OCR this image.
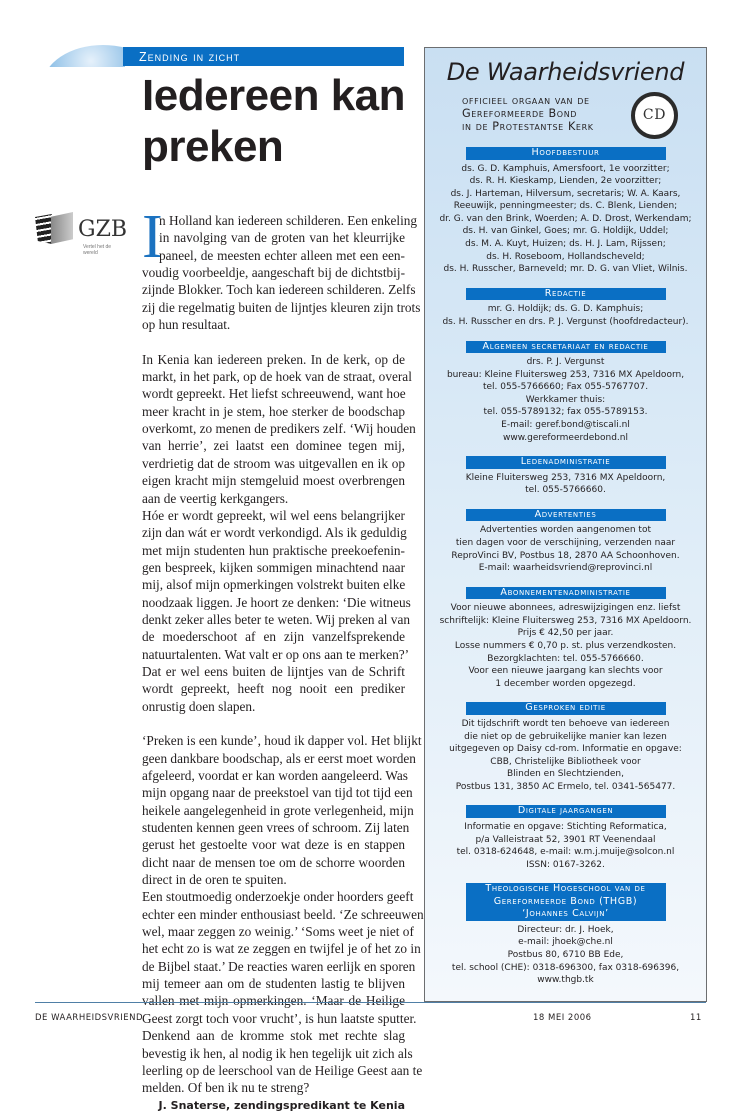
Zending in zicht
Iedereen kan
preken
GZB
Vertel het de wereld I
n Holland kan iedereen schilderen. Een enkeling
in navolging van de groten van het kleurrijke
paneel, de meesten echter alleen met een een-
voudig voorbeeldje, aangeschaft bij de dichtstbij-
zijnde Blokker. Toch kan iedereen schilderen. Zelfs
zij die regelmatig buiten de lijntjes kleuren zijn trots
op hun resultaat.
In Kenia kan iedereen preken. In de kerk, op de
markt, in het park, op de hoek van de straat, overal
wordt gepreekt. Het liefst schreeuwend, want hoe
meer kracht in je stem, hoe sterker de boodschap
overkomt, zo menen de predikers zelf. ‘Wij houden
van herrie’, zei laatst een dominee tegen mij,
verdrietig dat de stroom was uitgevallen en ik op
eigen kracht mijn stemgeluid moest overbrengen
aan de veertig kerkgangers.
Hóe er wordt gepreekt, wil wel eens belangrijker
zijn dan wát er wordt verkondigd. Als ik geduldig
met mijn studenten hun praktische preekoefenin-
gen bespreek, kijken sommigen minachtend naar
mij, alsof mijn opmerkingen volstrekt buiten elke
noodzaak liggen. Je hoort ze denken: ‘Die witneus
denkt zeker alles beter te weten. Wij preken al van
de moederschoot af en zijn vanzelfsprekende
natuurtalenten. Wat valt er op ons aan te merken?’
Dat er wel eens buiten de lijntjes van de Schrift
wordt gepreekt, heeft nog nooit een prediker
onrustig doen slapen.
‘Preken is een kunde’, houd ik dapper vol. Het blijkt
geen dankbare boodschap, als er eerst moet worden
afgeleerd, voordat er kan worden aangeleerd. Was
mijn opgang naar de preekstoel van tijd tot tijd een
heikele aangelegenheid in grote verlegenheid, mijn
studenten kennen geen vrees of schroom. Zij laten
gerust het gestoelte voor wat deze is en stappen
dicht naar de mensen toe om de schorre woorden
direct in de oren te spuiten.
Een stoutmoedig onderzoekje onder hoorders geeft
echter een minder enthousiast beeld. ‘Ze schreeuwen
wel, maar zeggen zo weinig.’ ‘Soms weet je niet of
het echt zo is wat ze zeggen en twijfel je of het zo in
de Bijbel staat.’ De reacties waren eerlijk en sporen
mij temeer aan om de studenten lastig te blijven
vallen met mijn opmerkingen. ‘Maar de Heilige
Geest zorgt toch voor vrucht’, is hun laatste sputter.
Denkend aan de kromme stok met rechte slag
bevestig ik hen, al nodig ik hen tegelijk uit zich als
leerling op de leerschool van de Heilige Geest aan te
melden. Of ben ik nu te streng?
J. Snaterse, zendingspredikant te Kenia
De Waarheidsvriend
officieel orgaan van de
Gereformeerde Bond
in de Protestantse Kerk
CD
Hoofdbestuur
ds. G. D. Kamphuis, Amersfoort, 1e voorzitter;
ds. R. H. Kieskamp, Lienden, 2e voorzitter;
ds. J. Harteman, Hilversum, secretaris; W. A. Kaars,
Reeuwijk, penningmeester; ds. C. Blenk, Lienden;
dr. G. van den Brink, Woerden; A. D. Drost, Werkendam;
ds. H. van Ginkel, Goes; mr. G. Holdijk, Uddel;
ds. M. A. Kuyt, Huizen; ds. H. J. Lam, Rijssen;
ds. H. Roseboom, Hollandscheveld;
ds. H. Russcher, Barneveld; mr. D. G. van Vliet, Wilnis.
Redactie
mr. G. Holdijk; ds. G. D. Kamphuis;
ds. H. Russcher en drs. P. J. Vergunst (hoofdredacteur).
Algemeen secretariaat en redactie
drs. P. J. Vergunst
bureau: Kleine Fluitersweg 253, 7316 MX Apeldoorn,
tel. 055-5766660; Fax 055-5767707.
Werkkamer thuis:
tel. 055-5789132; fax 055-5789153.
E-mail: geref.bond@tiscali.nl
www.gereformeerdebond.nl
Ledenadministratie
Kleine Fluitersweg 253, 7316 MX Apeldoorn,
tel. 055-5766660.
Advertenties
Advertenties worden aangenomen tot
tien dagen voor de verschijning, verzenden naar
ReproVinci BV, Postbus 18, 2870 AA Schoonhoven.
E-mail: waarheidsvriend@reprovinci.nl
Abonnementenadministratie
Voor nieuwe abonnees, adreswijzigingen enz. liefst
schriftelijk: Kleine Fluitersweg 253, 7316 MX Apeldoorn.
Prijs € 42,50 per jaar.
Losse nummers € 0,70 p. st. plus verzendkosten.
Bezorgklachten: tel. 055-5766660.
Voor een nieuwe jaargang kan slechts voor
1 december worden opgezegd.
Gesproken editie
Dit tijdschrift wordt ten behoeve van iedereen
die niet op de gebruikelijke manier kan lezen
uitgegeven op Daisy cd-rom. Informatie en opgave:
CBB, Christelijke Bibliotheek voor
Blinden en Slechtzienden,
Postbus 131, 3850 AC Ermelo, tel. 0341-565477.
Digitale jaargangen
Informatie en opgave: Stichting Reformatica,
p/a Valleistraat 52, 3901 RT Veenendaal
tel. 0318-624648, e-mail: w.m.j.muije@solcon.nl
ISSN: 0167-3262.
Theologische Hogeschool van de
Gereformeerde Bond (THGB)
‘Johannes Calvijn’
Directeur: dr. J. Hoek,
e-mail: jhoek@che.nl
Postbus 80, 6710 BB Ede,
tel. school (CHE): 0318-696300, fax 0318-696396,
www.thgb.tk
DE WAARHEIDSVRIEND	18 MEI 2006	11
